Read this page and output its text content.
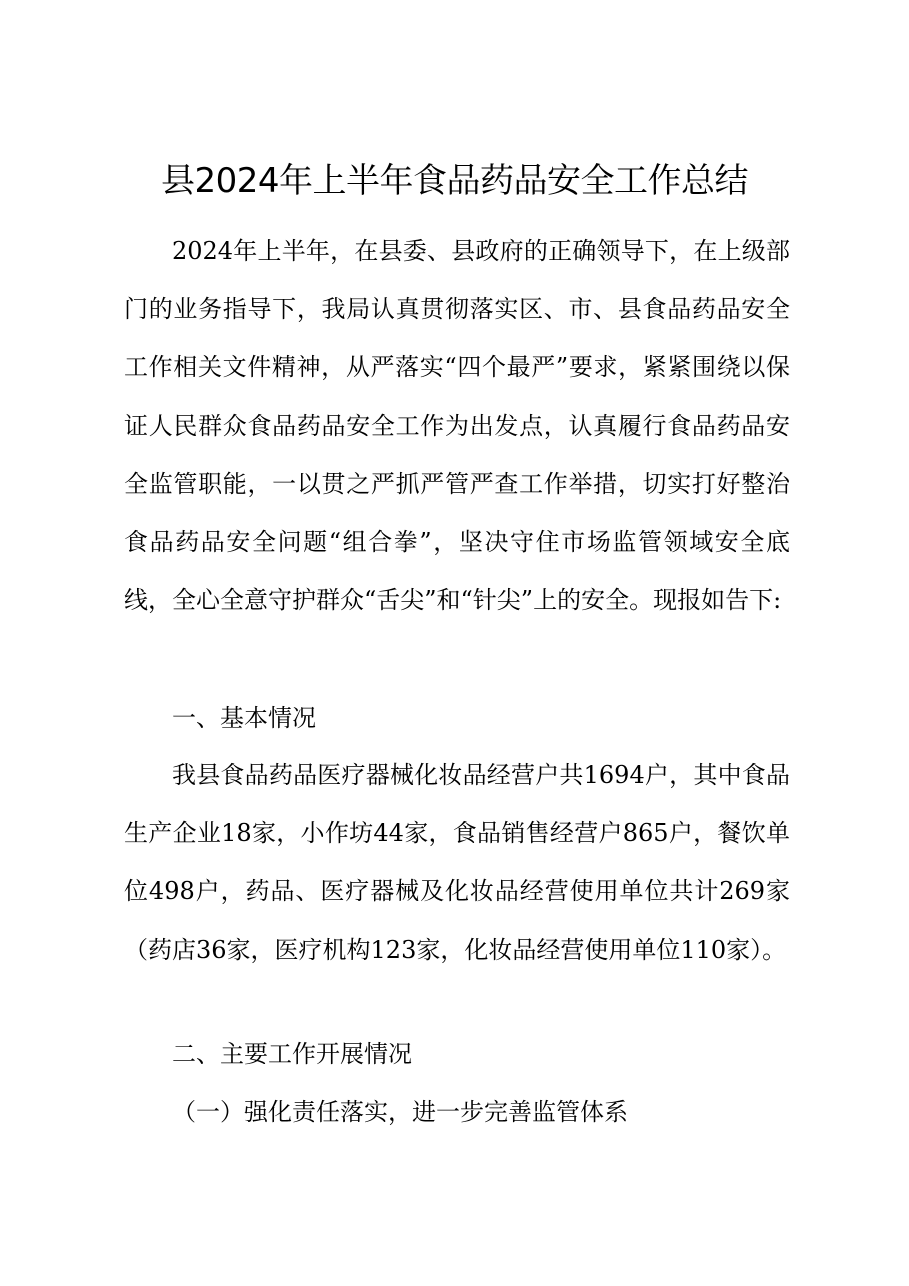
县2024年上半年食品药品安全工作总结

2024年上半年，在县委、县政府的正确领导下，在上级部门的业务指导下，我局认真贯彻落实区、市、县食品药品安全工作相关文件精神，从严落实“四个最严”要求，紧紧围绕以保证人民群众食品药品安全工作为出发点，认真履行食品药品安全监管职能，一以贯之严抓严管严查工作举措，切实打好整治食品药品安全问题“组合拳”，坚决守住市场监管领域安全底线，全心全意守护群众“舌尖”和“针尖”上的安全。现报如告下:

一、基本情况

我县食品药品医疗器械化妆品经营户共1694户，其中食品生产企业18家，小作坊44家，食品销售经营户865户，餐饮单位498户，药品、医疗器械及化妆品经营使用单位共计269家（药店36家，医疗机构123家，化妆品经营使用单位110家）。

二、主要工作开展情况
（一）强化责任落实，进一步完善监管体系
